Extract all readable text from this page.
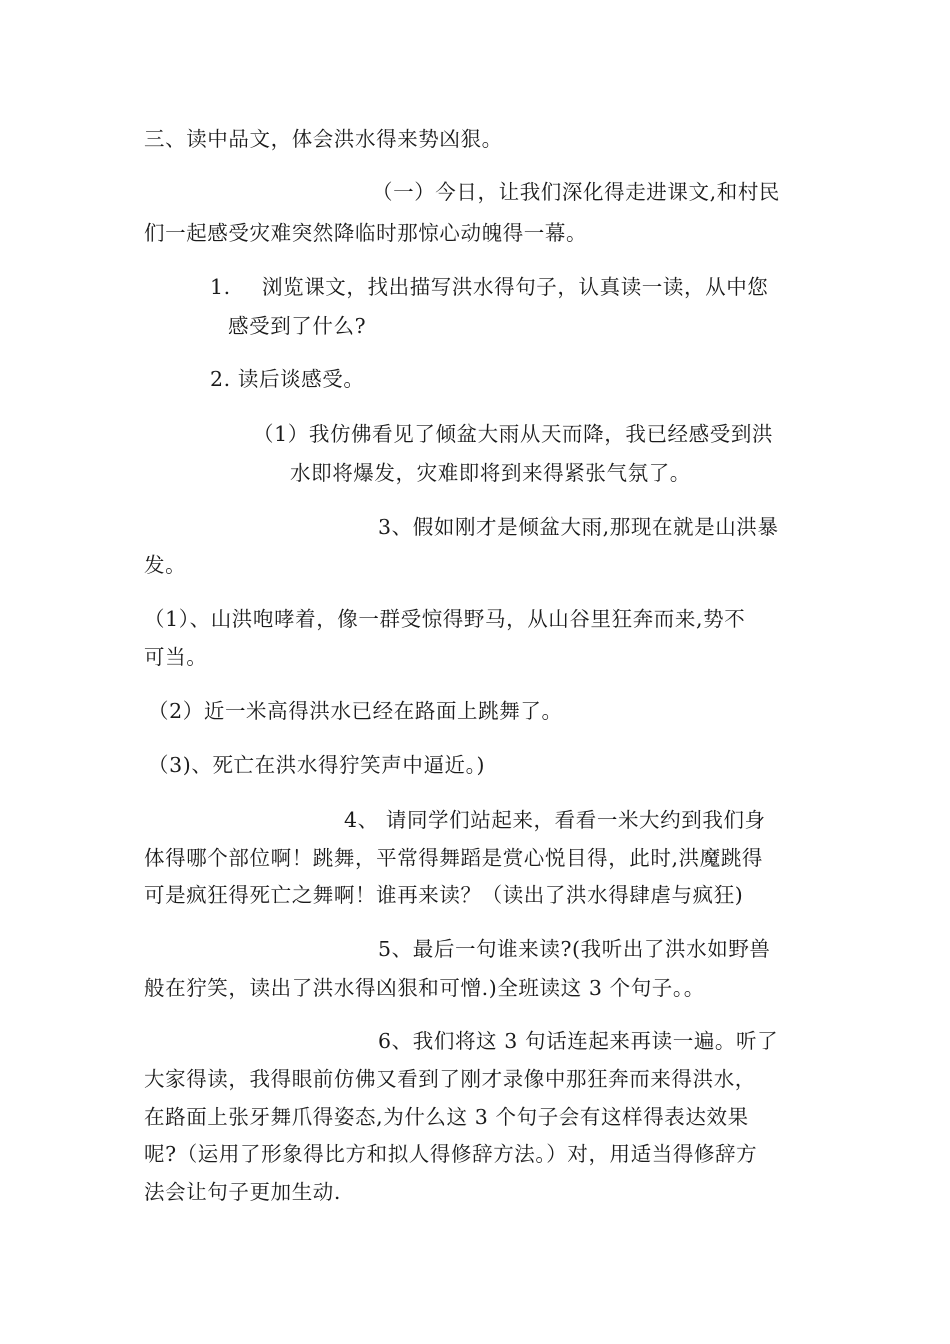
三、读中品文，体会洪水得来势凶狠。
（一）今日，让我们深化得走进课文,和村民
们一起感受灾难突然降临时那惊心动魄得一幕。
1. 浏览课文，找出描写洪水得句子，认真读一读，从中您
感受到了什么?
2. 读后谈感受。
（1）我仿佛看见了倾盆大雨从天而降，我已经感受到洪
水即将爆发，灾难即将到来得紧张气氛了。
3、假如刚才是倾盆大雨,那现在就是山洪暴
发。
（1）、山洪咆哮着，像一群受惊得野马，从山谷里狂奔而来,势不
可当。
（2）近一米高得洪水已经在路面上跳舞了。
（3)、死亡在洪水得狞笑声中逼近。)
4、 请同学们站起来，看看一米大约到我们身
体得哪个部位啊！跳舞，平常得舞蹈是赏心悦目得，此时,洪魔跳得
可是疯狂得死亡之舞啊！谁再来读？（读出了洪水得肆虐与疯狂)
5、最后一句谁来读?(我听出了洪水如野兽
般在狞笑，读出了洪水得凶狠和可憎.)全班读这 3 个句子。。
6、我们将这 3 句话连起来再读一遍。听了
大家得读，我得眼前仿佛又看到了刚才录像中那狂奔而来得洪水，
在路面上张牙舞爪得姿态,为什么这 3 个句子会有这样得表达效果
呢?（运用了形象得比方和拟人得修辞方法。）对，用适当得修辞方
法会让句子更加生动.
